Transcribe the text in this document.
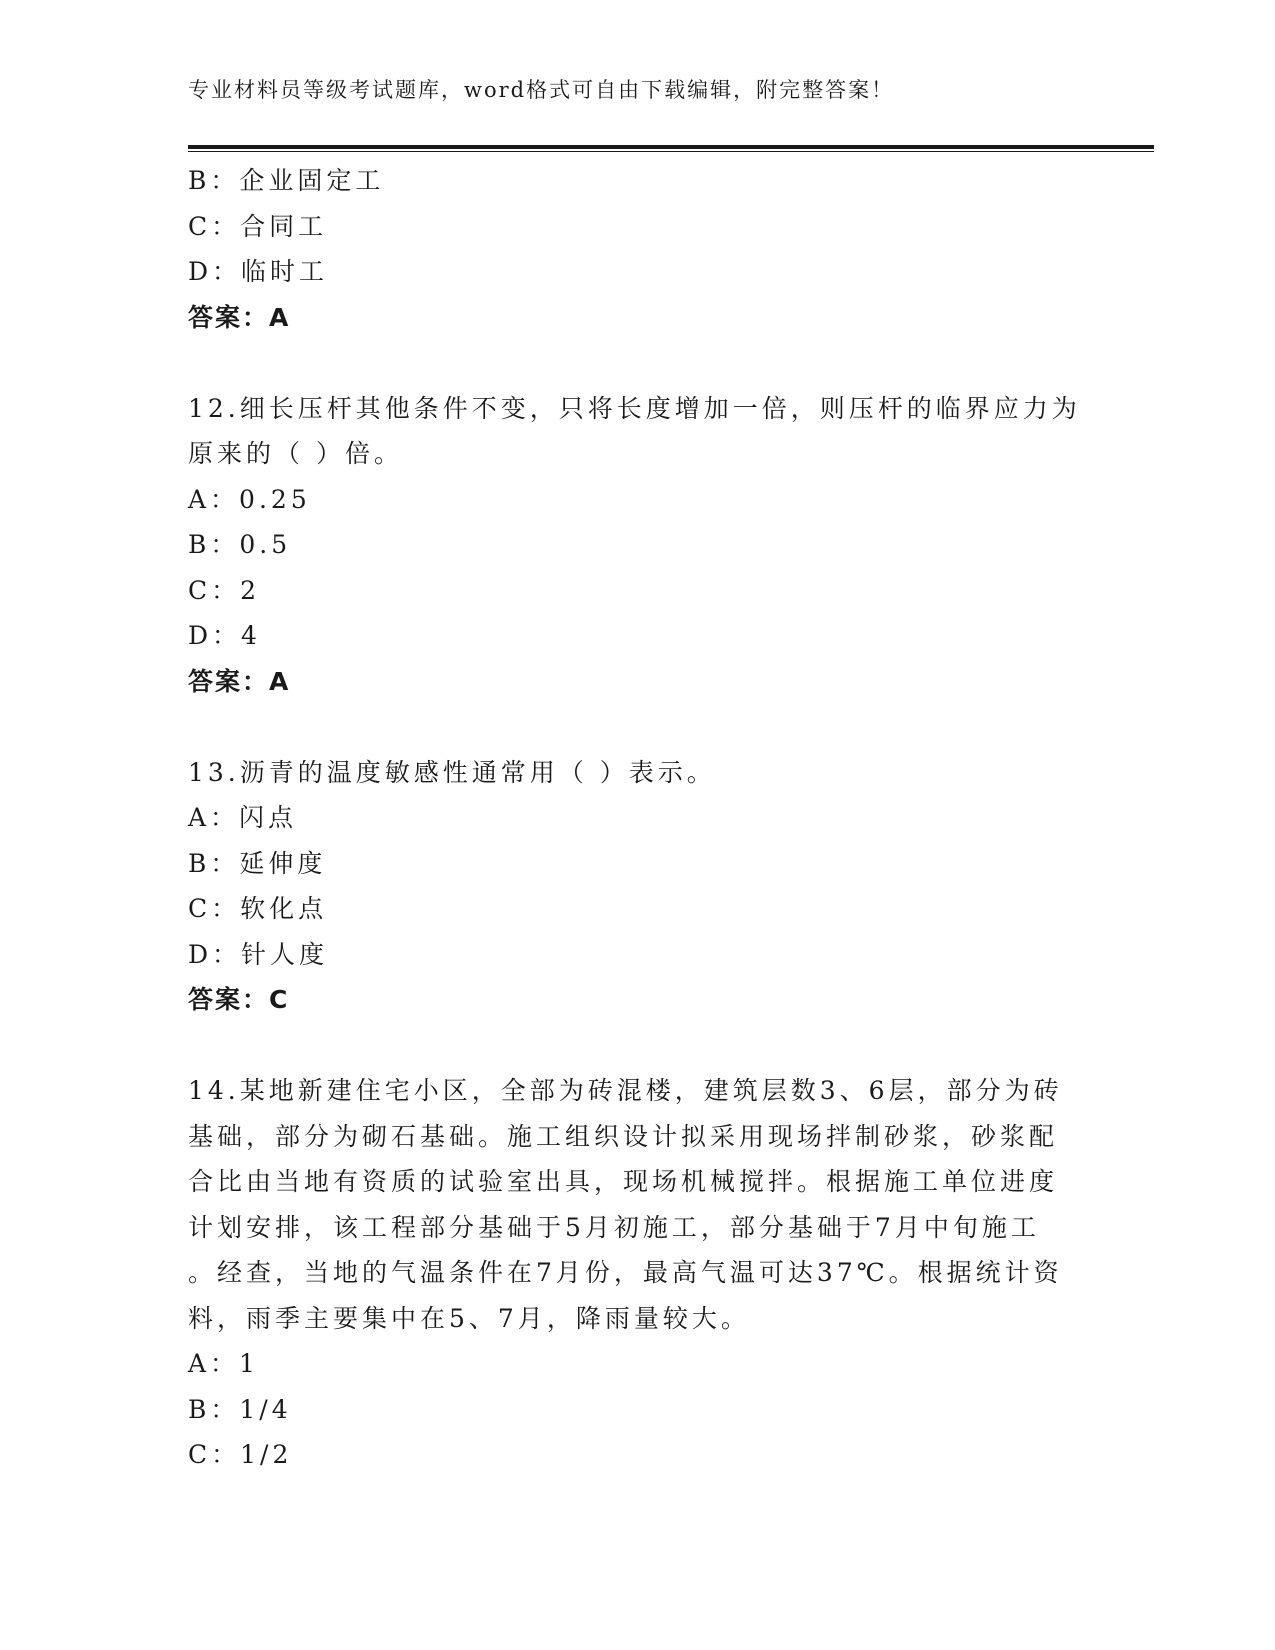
专业材料员等级考试题库，word格式可自由下载编辑，附完整答案！
B：企业固定工
C：合同工
D：临时工
答案：A
12.细长压杆其他条件不变，只将长度增加一倍，则压杆的临界应力为
原来的（ ）倍。
A：0.25
B：0.5
C：2
D：4
答案：A
13.沥青的温度敏感性通常用（ ）表示。
A：闪点
B：延伸度
C：软化点
D：针人度
答案：C
14.某地新建住宅小区，全部为砖混楼，建筑层数3、6层，部分为砖
基础，部分为砌石基础。施工组织设计拟采用现场拌制砂浆，砂浆配
合比由当地有资质的试验室出具，现场机械搅拌。根据施工单位进度
计划安排，该工程部分基础于5月初施工，部分基础于7月中旬施工
。经查，当地的气温条件在7月份，最高气温可达37℃。根据统计资
料，雨季主要集中在5、7月，降雨量较大。
A：1
B：1/4
C：1/2
